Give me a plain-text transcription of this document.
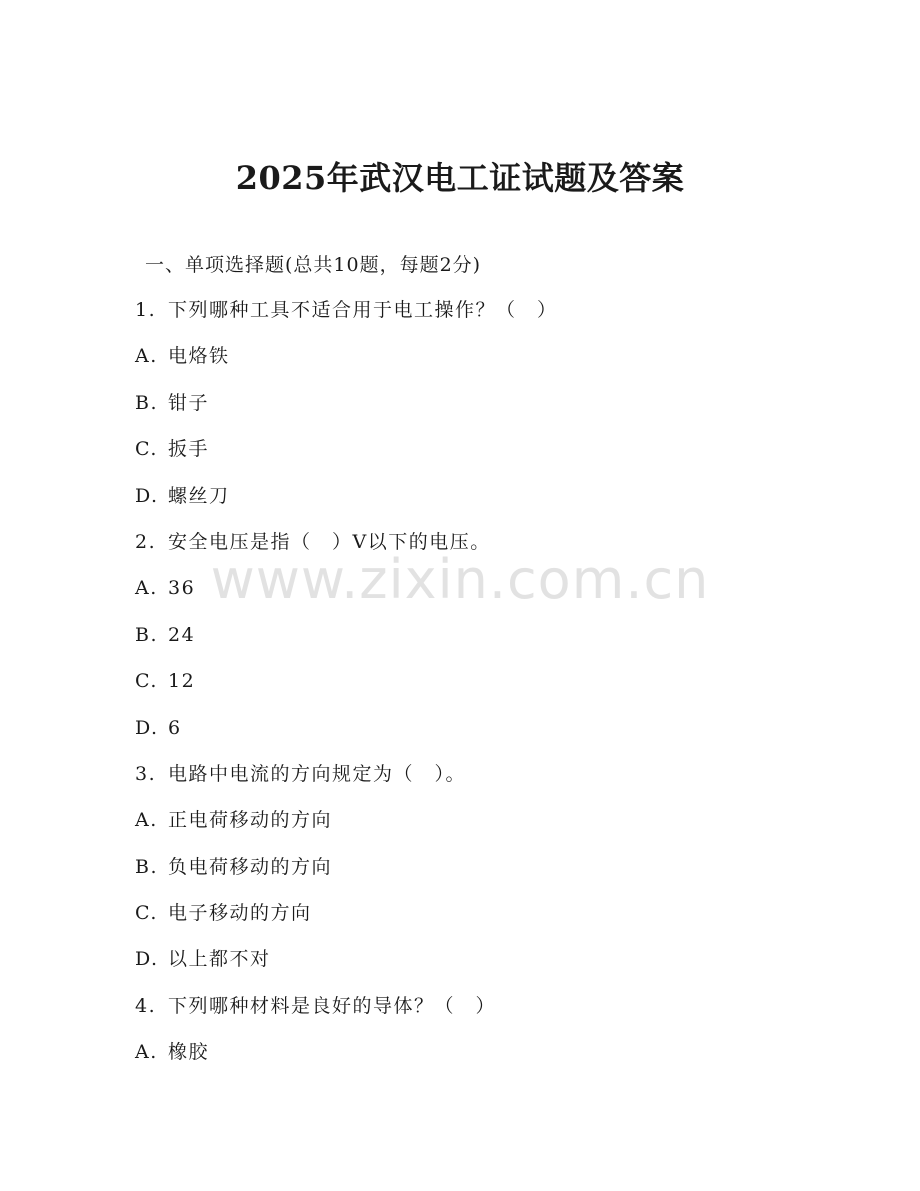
2025年武汉电工证试题及答案
一、单项选择题(总共10题，每题2分)
1. 下列哪种工具不适合用于电工操作？（　）
A. 电烙铁
B. 钳子
C. 扳手
D. 螺丝刀
2. 安全电压是指（　）V以下的电压。
A. 36
B. 24
C. 12
D. 6
3. 电路中电流的方向规定为（　）。
A. 正电荷移动的方向
B. 负电荷移动的方向
C. 电子移动的方向
D. 以上都不对
4. 下列哪种材料是良好的导体？（　）
A. 橡胶
www.zixin.com.cn
